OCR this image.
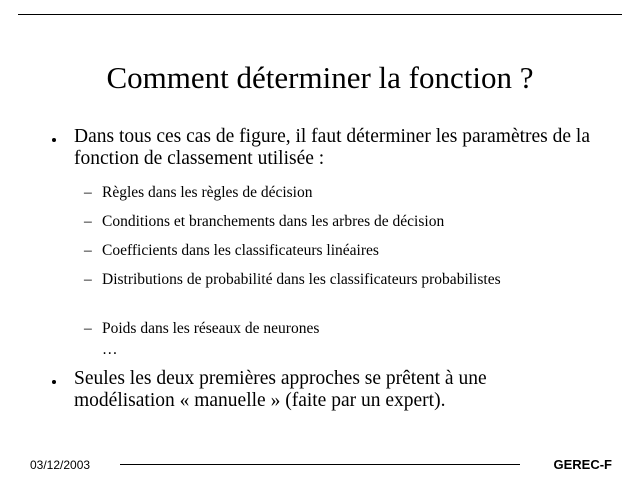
Comment déterminer la fonction ?
Dans tous ces cas de figure, il faut déterminer les paramètres de la fonction de classement utilisée :
– Règles dans les règles de décision
– Conditions et branchements dans les arbres de décision
– Coefficients dans les classificateurs linéaires
– Distributions de probabilité dans les classificateurs probabilistes
– Poids dans les réseaux de neurones
…
Seules les deux premières approches se prêtent à une modélisation « manuelle » (faite par un expert).
03/12/2003	GEREC-F
